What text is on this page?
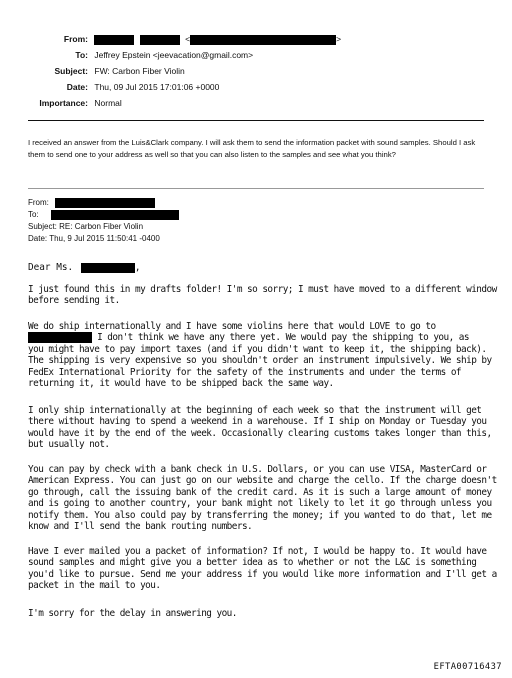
From:	<	>
To: Jeffrey Epstein <jeevacation@gmail.com>
Subject: FW: Carbon Fiber Violin
Date: Thu, 09 Jul 2015 17:01:06 +0000
Importance: Normal
I received an answer from the Luis&Clark company. I will ask them to send the information packet with sound samples. Should I ask them to send one to your address as well so that you can also listen to the samples and see what you think?
From:
To:
Subject: RE: Carbon Fiber Violin
Date: Thu, 9 Jul 2015 11:50:41 -0400
Dear Ms.	,
I just found this in my drafts folder! I'm so sorry; I must have moved to a different window before sending it.
We do ship internationally and I have some violins here that would LOVE to go to
I don't think we have any there yet. We would pay the shipping to you, as
you might have to pay import taxes (and if you didn't want to keep it, the shipping back). The shipping is very expensive so you shouldn't order an instrument impulsively. We ship by FedEx International Priority for the safety of the instruments and under the terms of returning it, it would have to be shipped back the same way.
I only ship internationally at the beginning of each week so that the instrument will get there without having to spend a weekend in a warehouse. If I ship on Monday or Tuesday you would have it by the end of the week. Occasionally clearing customs takes longer than this, but usually not.
You can pay by check with a bank check in U.S. Dollars, or you can use VISA, MasterCard or American Express. You can just go on our website and charge the cello. If the charge doesn't go through, call the issuing bank of the credit card. As it is such a large amount of money and is going to another country, your bank might not likely to let it go through unless you notify them. You also could pay by transferring the money; if you wanted to do that, let me know and I'll send the bank routing numbers.
Have I ever mailed you a packet of information? If not, I would be happy to. It would have sound samples and might give you a better idea as to whether or not the L&C is something you'd like to pursue. Send me your address if you would like more information and I'll get a packet in the mail to you.
I'm sorry for the delay in answering you.
EFTA00716437
